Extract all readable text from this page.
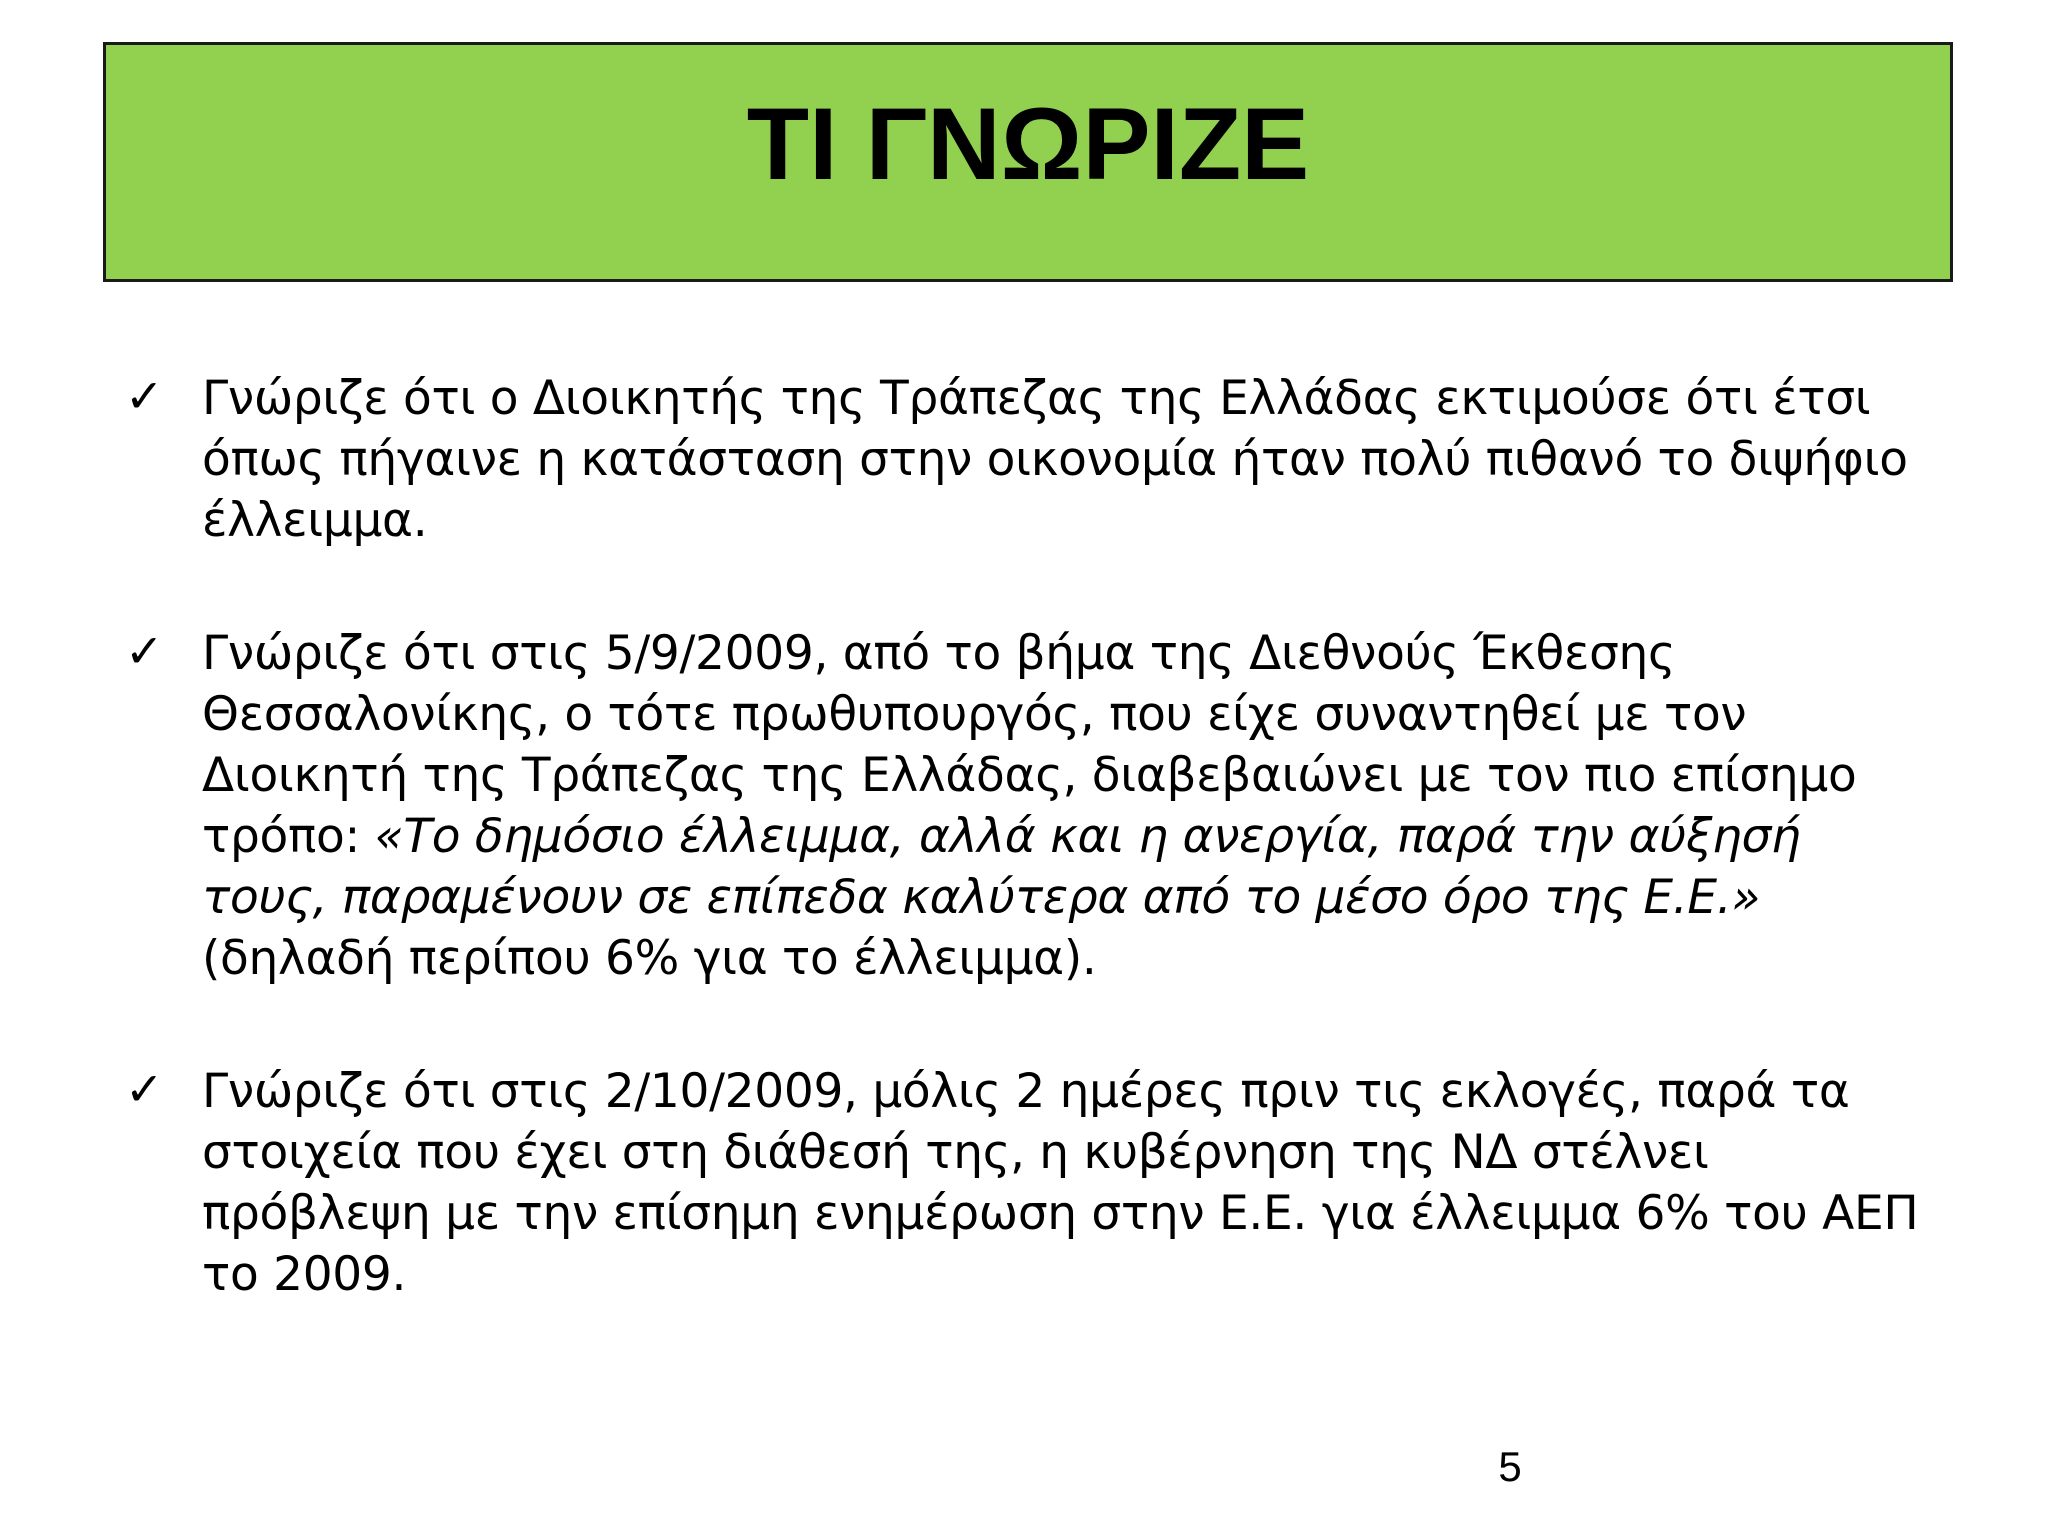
ΤΙ ΓΝΩΡΙΖΕ
✓ Γνώριζε ότι ο Διοικητής της Τράπεζας της Ελλάδας εκτιμούσε ότι έτσι όπως πήγαινε η κατάσταση στην οικονομία ήταν πολύ πιθανό το διψήφιο έλλειμμα.
✓ Γνώριζε ότι στις 5/9/2009, από το βήμα της Διεθνούς Έκθεσης Θεσσαλονίκης, ο τότε πρωθυπουργός, που είχε συναντηθεί με τον Διοικητή της Τράπεζας της Ελλάδας, διαβεβαιώνει με τον πιο επίσημο τρόπο: «Το δημόσιο έλλειμμα, αλλά και η ανεργία, παρά την αύξησή τους, παραμένουν σε επίπεδα καλύτερα από το μέσο όρο της Ε.Ε.» (δηλαδή περίπου 6% για το έλλειμμα).
✓ Γνώριζε ότι στις 2/10/2009, μόλις 2 ημέρες πριν τις εκλογές, παρά τα στοιχεία που έχει στη διάθεσή της, η κυβέρνηση της ΝΔ στέλνει πρόβλεψη με την επίσημη ενημέρωση στην Ε.Ε. για έλλειμμα 6% του ΑΕΠ το 2009.
5
